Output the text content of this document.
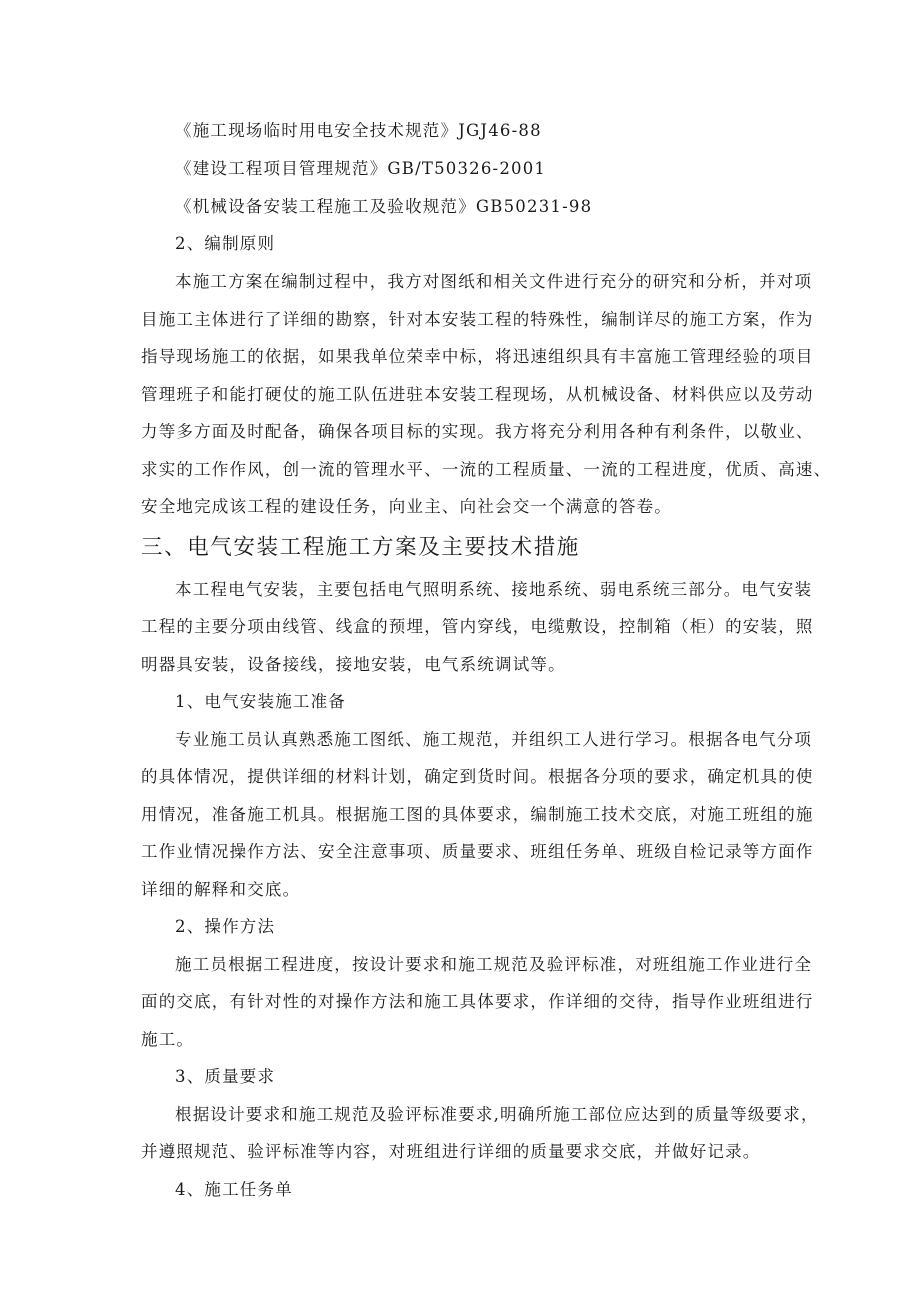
《施工现场临时用电安全技术规范》JGJ46-88
《建设工程项目管理规范》GB/T50326-2001
《机械设备安装工程施工及验收规范》GB50231-98
2、编制原则
本施工方案在编制过程中，我方对图纸和相关文件进行充分的研究和分析，并对项
目施工主体进行了详细的勘察，针对本安装工程的特殊性，编制详尽的施工方案，作为
指导现场施工的依据，如果我单位荣幸中标，将迅速组织具有丰富施工管理经验的项目
管理班子和能打硬仗的施工队伍进驻本安装工程现场，从机械设备、材料供应以及劳动
力等多方面及时配备，确保各项目标的实现。我方将充分利用各种有利条件，以敬业、
求实的工作作风，创一流的管理水平、一流的工程质量、一流的工程进度，优质、高速、
安全地完成该工程的建设任务，向业主、向社会交一个满意的答卷。
三、电气安装工程施工方案及主要技术措施
本工程电气安装，主要包括电气照明系统、接地系统、弱电系统三部分。电气安装
工程的主要分项由线管、线盒的预埋，管内穿线，电缆敷设，控制箱（柜）的安装，照
明器具安装，设备接线，接地安装，电气系统调试等。
1、电气安装施工准备
专业施工员认真熟悉施工图纸、施工规范，并组织工人进行学习。根据各电气分项
的具体情况，提供详细的材料计划，确定到货时间。根据各分项的要求，确定机具的使
用情况，准备施工机具。根据施工图的具体要求，编制施工技术交底，对施工班组的施
工作业情况操作方法、安全注意事项、质量要求、班组任务单、班级自检记录等方面作
详细的解释和交底。
2、操作方法
施工员根据工程进度，按设计要求和施工规范及验评标准，对班组施工作业进行全
面的交底，有针对性的对操作方法和施工具体要求，作详细的交待，指导作业班组进行
施工。
3、质量要求
根据设计要求和施工规范及验评标准要求,明确所施工部位应达到的质量等级要求，
并遵照规范、验评标准等内容，对班组进行详细的质量要求交底，并做好记录。
4、施工任务单
